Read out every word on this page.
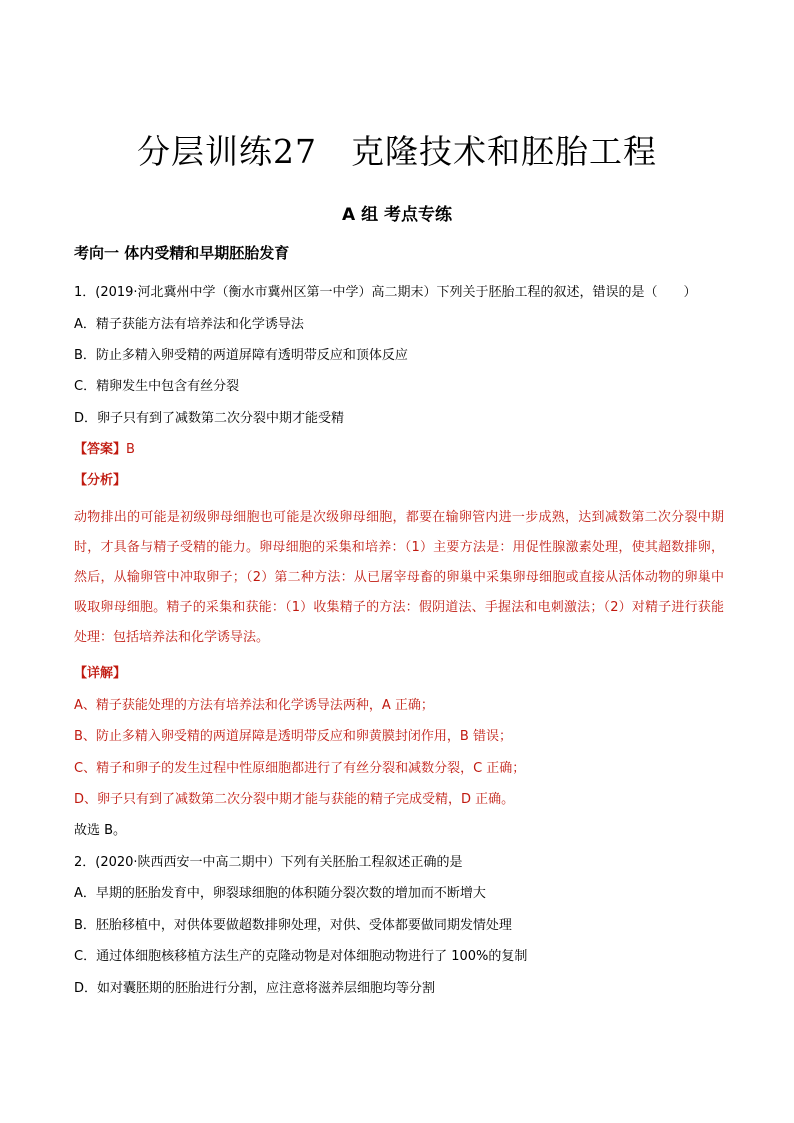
分层训练27　克隆技术和胚胎工程
A 组 考点专练
考向一 体内受精和早期胚胎发育
1．(2019·河北冀州中学（衡水市冀州区第一中学）高二期末）下列关于胚胎工程的叙述，错误的是（　　）
A．精子获能方法有培养法和化学诱导法
B．防止多精入卵受精的两道屏障有透明带反应和顶体反应
C．精卵发生中包含有丝分裂
D．卵子只有到了减数第二次分裂中期才能受精
【答案】B
【分析】
动物排出的可能是初级卵母细胞也可能是次级卵母细胞，都要在输卵管内进一步成熟，达到减数第二次分裂中期时，才具备与精子受精的能力。卵母细胞的采集和培养：（1）主要方法是：用促性腺激素处理，使其超数排卵，然后，从输卵管中冲取卵子；（2）第二种方法：从已屠宰母畜的卵巢中采集卵母细胞或直接从活体动物的卵巢中吸取卵母细胞。精子的采集和获能：（1）收集精子的方法：假阴道法、手握法和电刺激法；（2）对精子进行获能处理：包括培养法和化学诱导法。
【详解】
A、精子获能处理的方法有培养法和化学诱导法两种，A 正确；
B、防止多精入卵受精的两道屏障是透明带反应和卵黄膜封闭作用，B 错误；
C、精子和卵子的发生过程中性原细胞都进行了有丝分裂和减数分裂，C 正确；
D、卵子只有到了减数第二次分裂中期才能与获能的精子完成受精，D 正确。
故选 B。
2．(2020·陕西西安一中高二期中）下列有关胚胎工程叙述正确的是
A．早期的胚胎发育中，卵裂球细胞的体积随分裂次数的增加而不断增大
B．胚胎移植中，对供体要做超数排卵处理，对供、受体都要做同期发情处理
C．通过体细胞核移植方法生产的克隆动物是对体细胞动物进行了 100%的复制
D．如对囊胚期的胚胎进行分割，应注意将滋养层细胞均等分割
